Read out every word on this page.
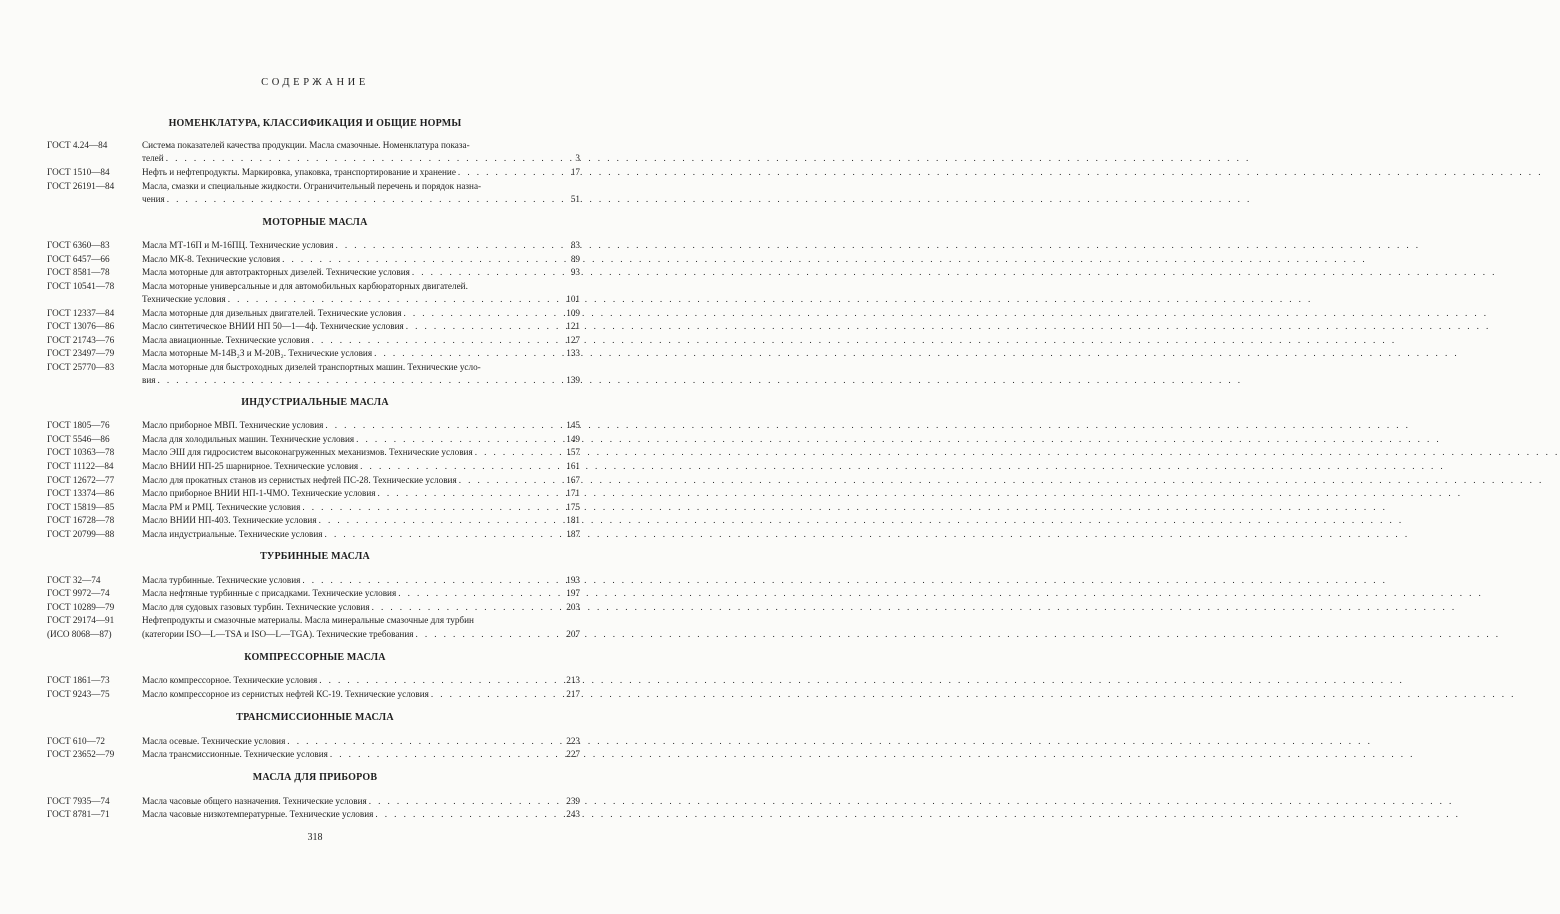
СОДЕРЖАНИЕ
НОМЕНКЛАТУРА, КЛАССИФИКАЦИЯ И ОБЩИЕ НОРМЫ
ГОСТ 4.24—84	Система показателей качества продукции. Масла смазочные. Номенклатура показа-
телей . . .	3
ГОСТ 1510—84	Нефть и нефтепродукты. Маркировка, упаковка, транспортирование и хранение . . .	17
ГОСТ 26191—84	Масла, смазки и специальные жидкости. Ограничительный перечень и порядок назна-
чения . . .	51
МОТОРНЫЕ МАСЛА
ГОСТ 6360—83	Масла МТ-16П и М-16ПЦ. Технические условия . . .	83
ГОСТ 6457—66	Масло МК-8. Технические условия . . .	89
ГОСТ 8581—78	Масла моторные для автотракторных дизелей. Технические условия . . .	93
ГОСТ 10541—78	Масла моторные универсальные и для автомобильных карбюраторных двигателей.
Технические условия . . .	101
ГОСТ 12337—84	Масла моторные для дизельных двигателей. Технические условия . . .	109
ГОСТ 13076—86	Масло синтетическое ВНИИ НП 50—1—4ф. Технические условия . . .	121
ГОСТ 21743—76	Масла авиационные. Технические условия . . .	127
ГОСТ 23497—79	Масла моторные М-14В₂З и М-20В₂. Технические условия . . .	133
ГОСТ 25770—83	Масла моторные для быстроходных дизелей транспортных машин. Технические усло-
вия . . .	139
ИНДУСТРИАЛЬНЫЕ МАСЛА
ГОСТ 1805—76	Масло приборное МВП. Технические условия . . .	145
ГОСТ 5546—86	Масла для холодильных машин. Технические условия . . .	149
ГОСТ 10363—78	Масло ЭШ для гидросистем высоконагруженных механизмов. Технические условия . . .	157
ГОСТ 11122—84	Масло ВНИИ НП-25 шарнирное. Технические условия . . .	161
ГОСТ 12672—77	Масло для прокатных станов из сернистых нефтей ПС-28. Технические условия . . .	167
ГОСТ 13374—86	Масло приборное ВНИИ НП-1-ЧМО. Технические условия . . .	171
ГОСТ 15819—85	Масла РМ и РМЦ. Технические условия . . .	175
ГОСТ 16728—78	Масло ВНИИ НП-403. Технические условия . . .	181
ГОСТ 20799—88	Масла индустриальные. Технические условия . . .	187
ТУРБИННЫЕ МАСЛА
ГОСТ 32—74	Масла турбинные. Технические условия . . .	193
ГОСТ 9972—74	Масла нефтяные турбинные с присадками. Технические условия . . .	197
ГОСТ 10289—79	Масло для судовых газовых турбин. Технические условия . . .	203
ГОСТ 29174—91	Нефтепродукты и смазочные материалы. Масла минеральные смазочные для турбин
(ИСО 8068—87)	(категории ISO—L—TSA и ISO—L—TGA). Технические требования . . .	207
КОМПРЕССОРНЫЕ МАСЛА
ГОСТ 1861—73	Масло компрессорное. Технические условия . . .	213
ГОСТ 9243—75	Масло компрессорное из сернистых нефтей КС-19. Технические условия . . .	217
ТРАНСМИССИОННЫЕ МАСЛА
ГОСТ 610—72	Масла осевые. Технические условия . . .	223
ГОСТ 23652—79	Масла трансмиссионные. Технические условия . . .	227
МАСЛА ДЛЯ ПРИБОРОВ
ГОСТ 7935—74	Масла часовые общего назначения. Технические условия . . .	239
ГОСТ 8781—71	Масла часовые низкотемпературные. Технические условия . . .	243
318
